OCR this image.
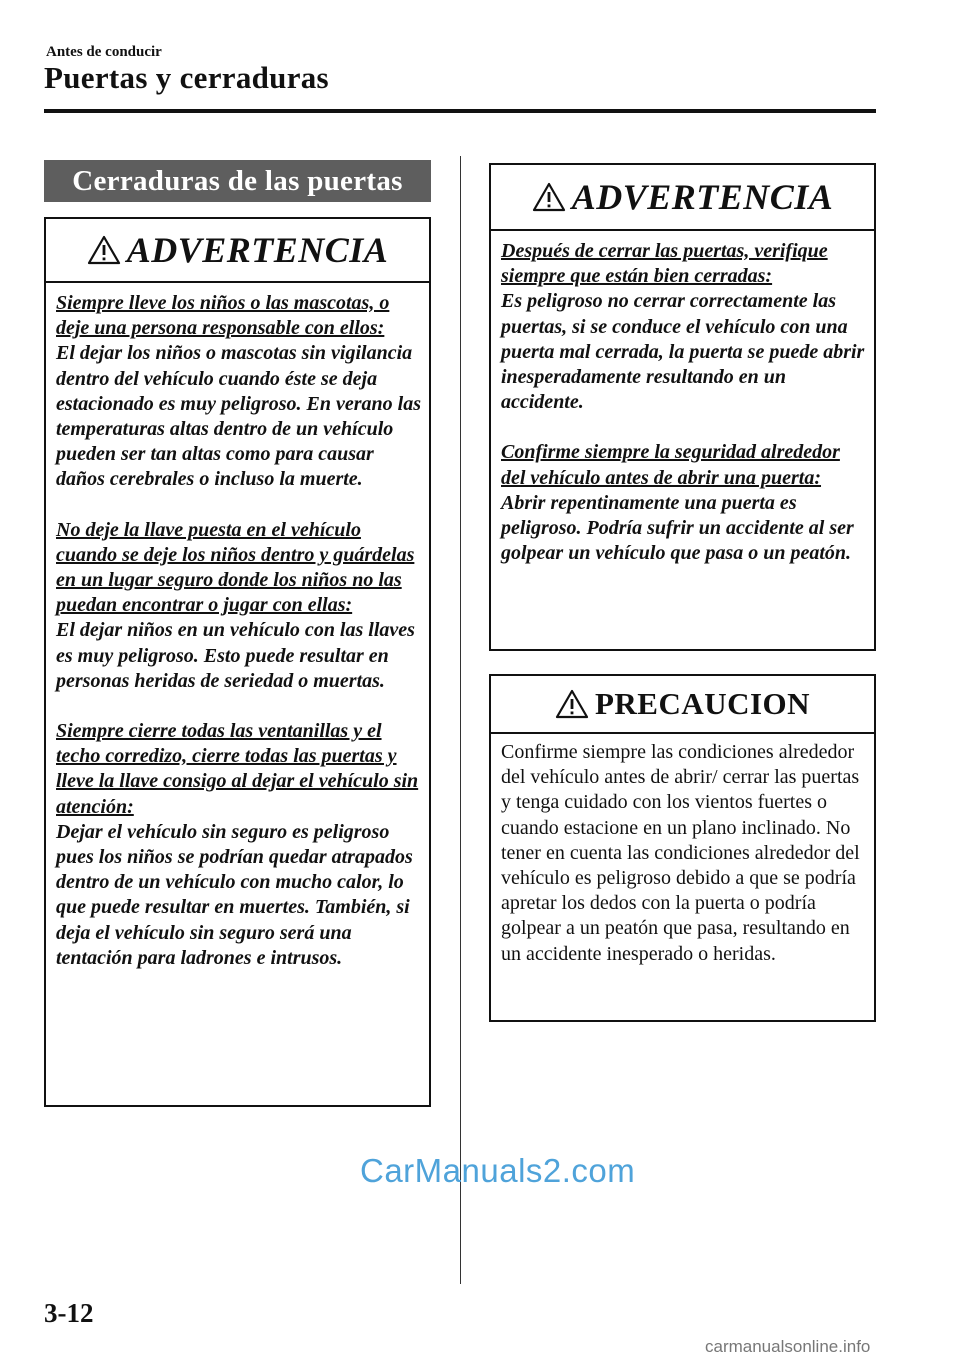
Antes de conducir
Puertas y cerraduras
Cerraduras de las puertas
ADVERTENCIA

Siempre lleve los niños o las mascotas, o deje una persona responsable con ellos:
El dejar los niños o mascotas sin vigilancia dentro del vehículo cuando éste se deja estacionado es muy peligroso. En verano las temperaturas altas dentro de un vehículo pueden ser tan altas como para causar daños cerebrales o incluso la muerte.

No deje la llave puesta en el vehículo cuando se deje los niños dentro y guárdelas en un lugar seguro donde los niños no las puedan encontrar o jugar con ellas:
El dejar niños en un vehículo con las llaves es muy peligroso. Esto puede resultar en personas heridas de seriedad o muertas.

Siempre cierre todas las ventanillas y el techo corredizo, cierre todas las puertas y lleve la llave consigo al dejar el vehículo sin atención:
Dejar el vehículo sin seguro es peligroso pues los niños se podrían quedar atrapados dentro de un vehículo con mucho calor, lo que puede resultar en muertes. También, si deja el vehículo sin seguro será una tentación para ladrones e intrusos.

ADVERTENCIA

Después de cerrar las puertas, verifique siempre que están bien cerradas:
Es peligroso no cerrar correctamente las puertas, si se conduce el vehículo con una puerta mal cerrada, la puerta se puede abrir inesperadamente resultando en un accidente.

Confirme siempre la seguridad alrededor del vehículo antes de abrir una puerta:
Abrir repentinamente una puerta es peligroso. Podría sufrir un accidente al ser golpear un vehículo que pasa o un peatón.

PRECAUCION

Confirme siempre las condiciones alrededor del vehículo antes de abrir/ cerrar las puertas y tenga cuidado con los vientos fuertes o cuando estacione en un plano inclinado. No tener en cuenta las condiciones alrededor del vehículo es peligroso debido a que se podría apretar los dedos con la puerta o podría golpear a un peatón que pasa, resultando en un accidente inesperado o heridas.

CarManuals2.com
3-12
carmanualsonline.info
